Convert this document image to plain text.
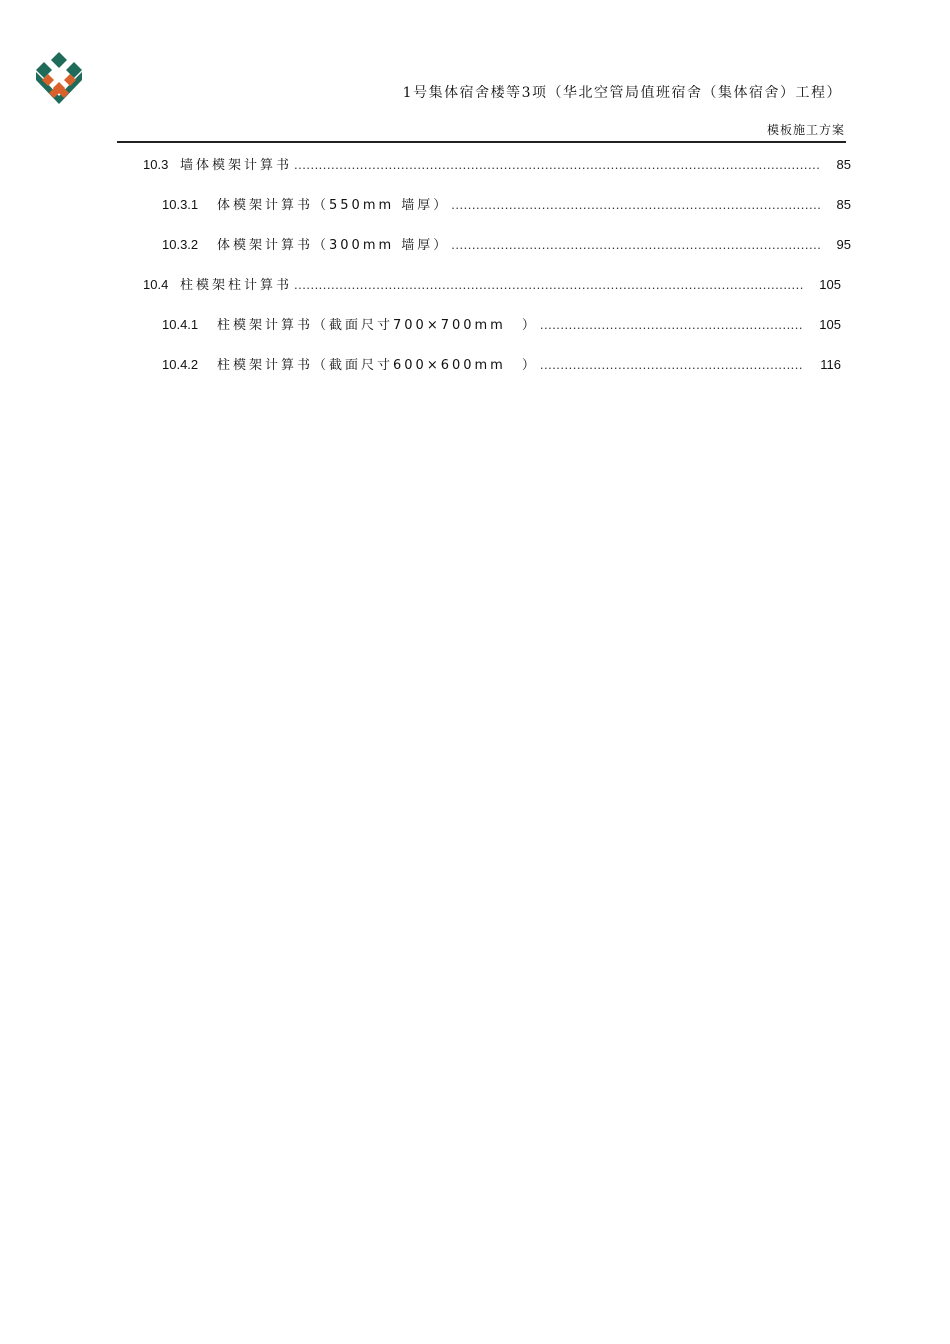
1号集体宿舍楼等3项（华北空管局值班宿舍（集体宿舍）工程）
模板施工方案
10.3 墙体模架计算书 .....	85
10.3.1	体模架计算书（550mm 墙厚） .....	85
10.3.2	体模架计算书（300mm 墙厚） .....	95
10.4 柱模架柱计算书 .....	105
10.4.1	柱模架计算书（截面尺寸700×700mm　） .....	105
10.4.2	柱模架计算书（截面尺寸600×600mm　） .....	116
